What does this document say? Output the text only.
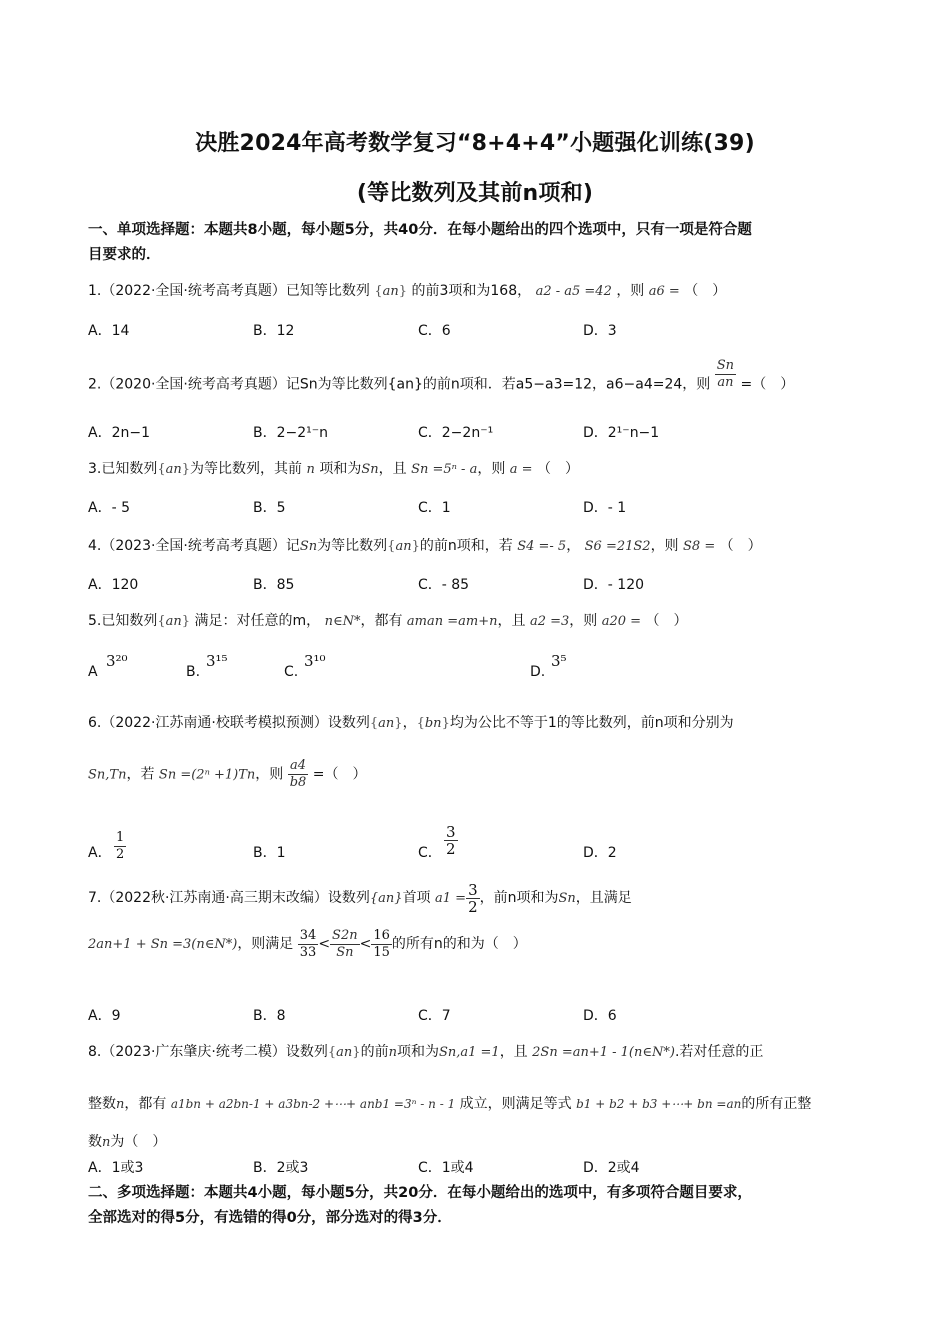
决胜2024年高考数学复习“8+4+4”小题强化训练(39)
(等比数列及其前n项和)
一、单项选择题：本题共8小题，每小题5分，共40分．在每小题给出的四个选项中，只有一项是符合题
目要求的．
1.（2022·全国·统考高考真题）已知等比数列 {an} 的前3项和为168， a2 - a5 =42 ，则 a6 = （　）
A．14	B．12	C．6	D．3
2.（2020·全国·统考高考真题）记Sn为等比数列{an}的前n项和．若a5−a3=12，a6−a4=24，则 $\frac{Sn}{an}$ =（　）
A．2n−1	B．2−2¹⁻n	C．2−2n⁻¹	D．2¹⁻n−1
3.已知数列{an}为等比数列，其前 n 项和为Sn，且 Sn =5ⁿ - a，则 a = （　）
A．- 5	B．5	C．1	D．- 1
4.（2023·全国·统考高考真题）记Sn为等比数列{an}的前n项和，若 S4 =- 5， S6 =21S2，则 S8 = （　）
A．120	B．85	C．- 85	D．- 120
5.已知数列{an} 满足：对任意的m， n∈N*，都有 aman =am+n，且 a2 =3，则 a20 = （　）
A
3²⁰
B.
3¹⁵
C.
3¹⁰
D.
3⁵
6.（2022·江苏南通·校联考模拟预测）设数列{an}，{bn}均为公比不等于1的等比数列，前n项和分别为
Sn,Tn，若 Sn =(2ⁿ +1)Tn，则 $\frac{a4}{b8}$ =（　）
A． $\frac{1}{2}$	B．1	C． $\frac{3}{2}$	D．2
7.（2022秋·江苏南通·高三期末改编）设数列{an}首项 $a1 = \frac{3}{2}$ ，前n项和为Sn，且满足
2an+1 + Sn =3(n∈N*)，则满足 $\frac{34}{33} < \frac{S2n}{Sn} < \frac{16}{15}$ 的所有n的和为（　）
A．9	B．8	C．7	D．6
8.（2023·广东肇庆·统考二模）设数列{an}的前n项和为Sn,a1 =1，且 2Sn =an+1 - 1(n∈N*).若对任意的正
整数n，都有 a1bn + a2bn-1 + a3bn-2 +⋯+ anb1 =3ⁿ - n - 1 成立，则满足等式 b1 + b2 + b3 +⋯+ bn =an的所有正整
数n为（　）
A．1或3	B．2或3	C．1或4	D．2或4
二、多项选择题：本题共4小题，每小题5分，共20分．在每小题给出的选项中，有多项符合题目要求，
全部选对的得5分，有选错的得0分，部分选对的得3分．
